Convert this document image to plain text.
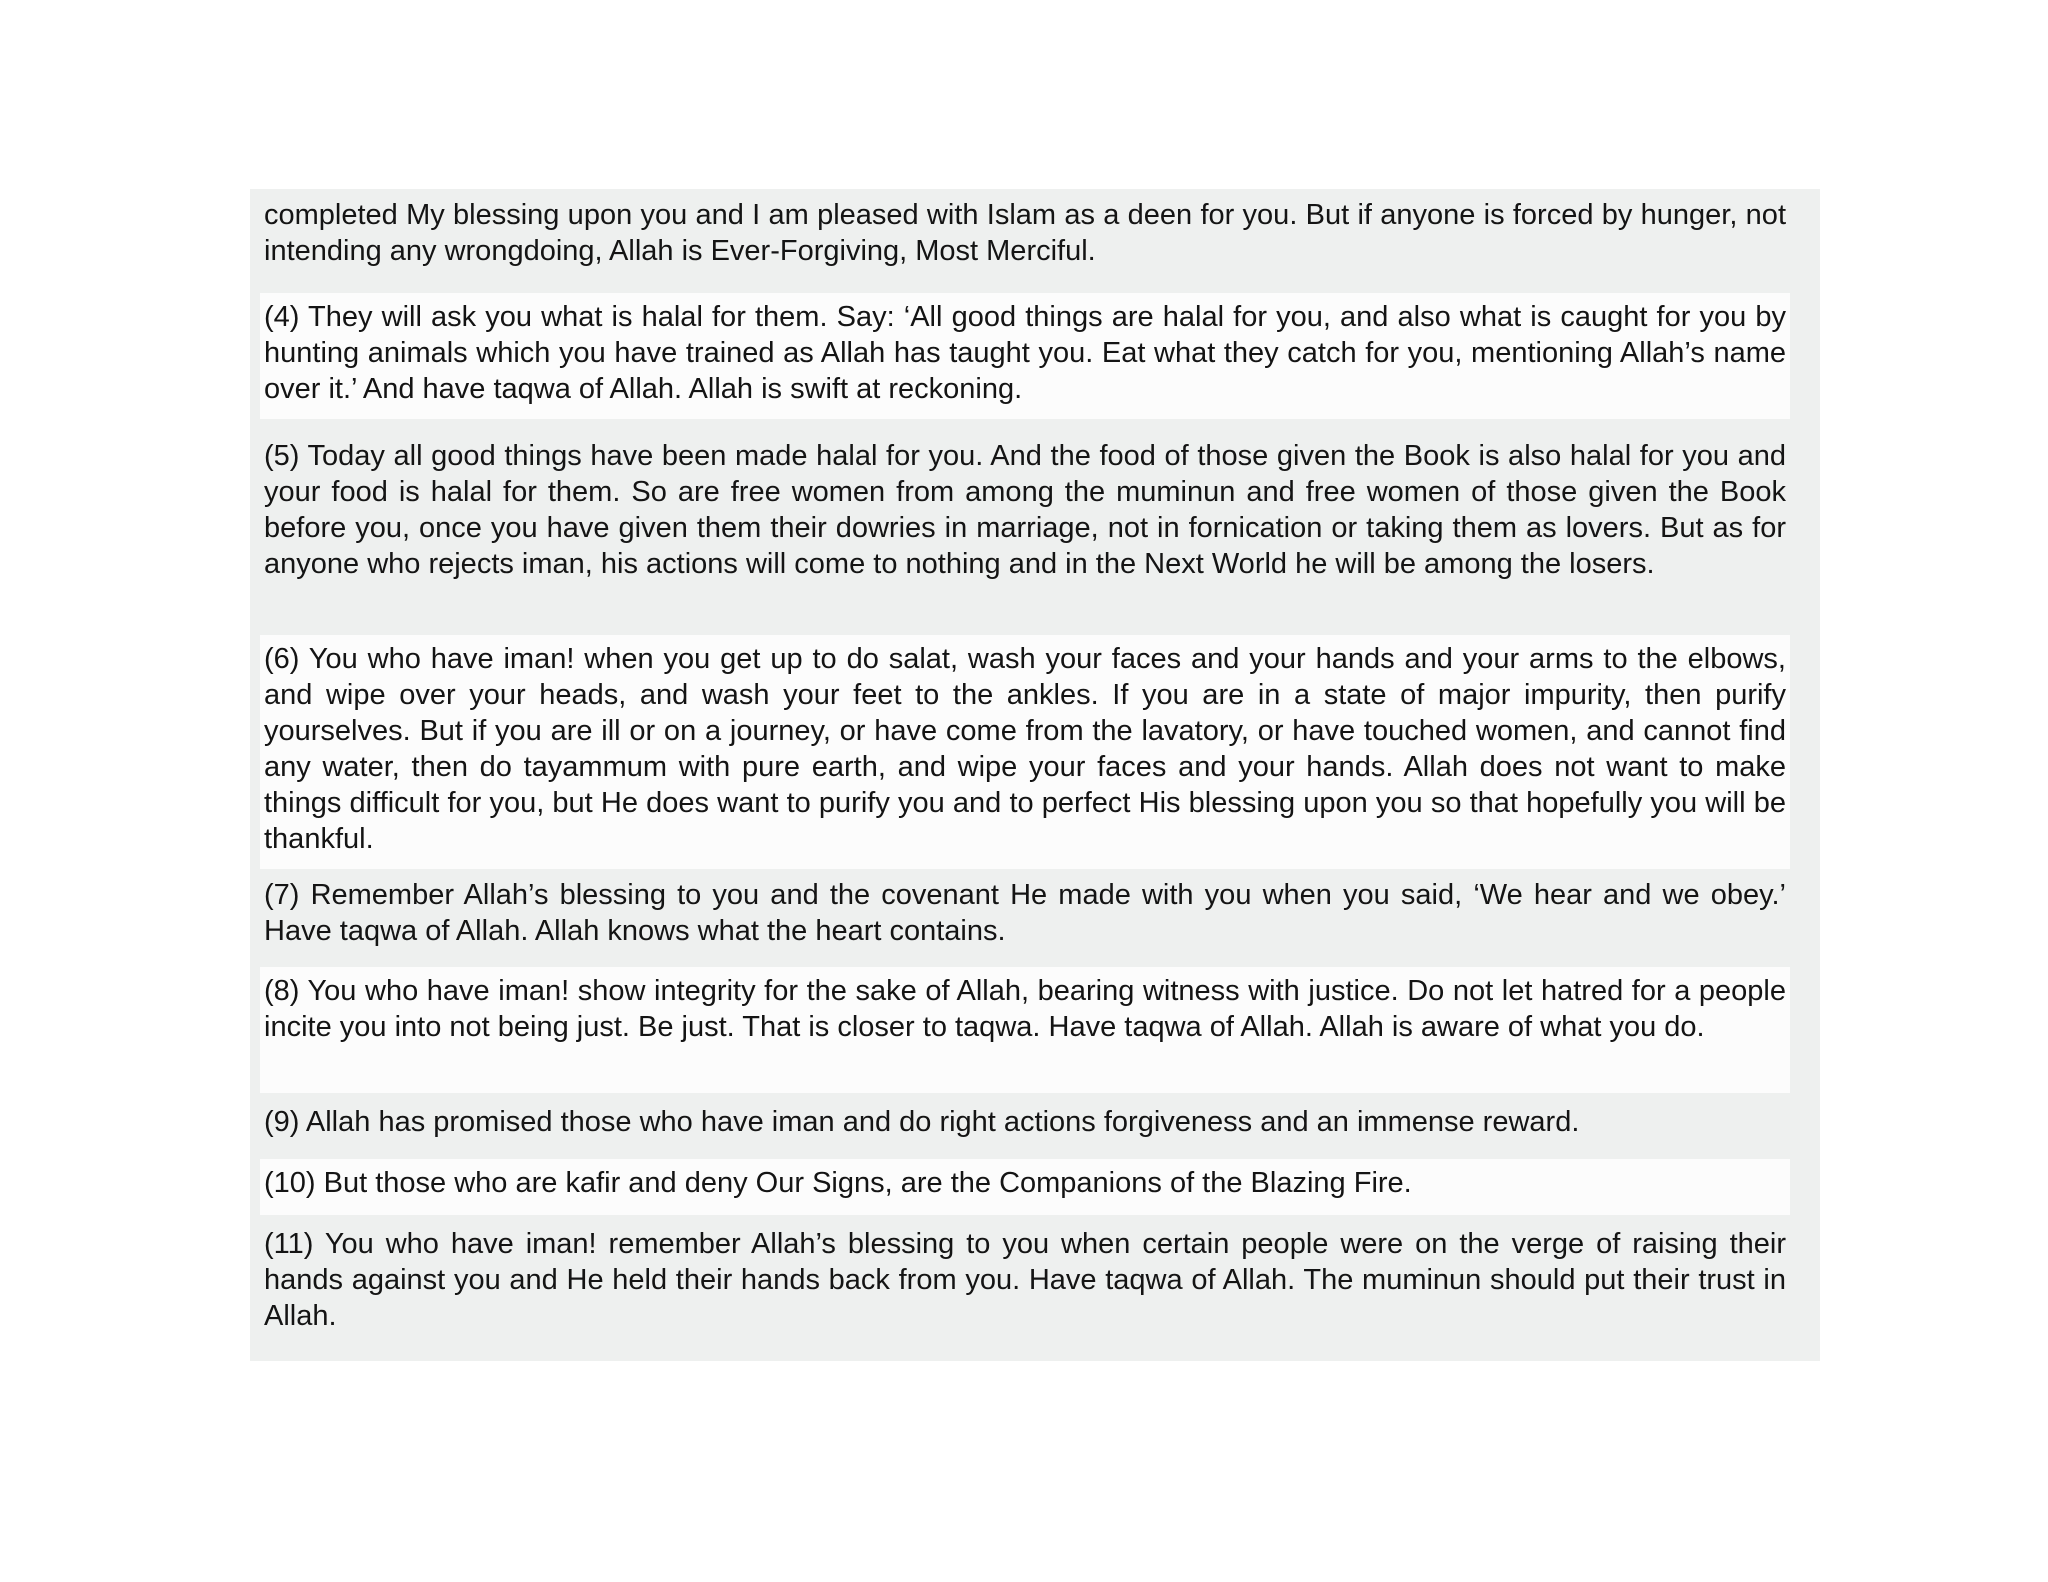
completed My blessing upon you and I am pleased with Islam as a deen for you. But if anyone is forced by hunger, not intending any wrongdoing, Allah is Ever-Forgiving, Most Merciful.
(4) They will ask you what is halal for them. Say: ‘All good things are halal for you, and also what is caught for you by hunting animals which you have trained as Allah has taught you. Eat what they catch for you, mentioning Allah’s name over it.’ And have taqwa of Allah. Allah is swift at reckoning.
(5) Today all good things have been made halal for you. And the food of those given the Book is also halal for you and your food is halal for them. So are free women from among the muminun and free women of those given the Book before you, once you have given them their dowries in marriage, not in fornication or taking them as lovers. But as for anyone who rejects iman, his actions will come to nothing and in the Next World he will be among the losers.
(6) You who have iman! when you get up to do salat, wash your faces and your hands and your arms to the elbows, and wipe over your heads, and wash your feet to the ankles. If you are in a state of major impurity, then purify yourselves. But if you are ill or on a journey, or have come from the lavatory, or have touched women, and cannot find any water, then do tayammum with pure earth, and wipe your faces and your hands. Allah does not want to make things difficult for you, but He does want to purify you and to perfect His blessing upon you so that hopefully you will be thankful.
(7) Remember Allah’s blessing to you and the covenant He made with you when you said, ‘We hear and we obey.’ Have taqwa of Allah. Allah knows what the heart contains.
(8) You who have iman! show integrity for the sake of Allah, bearing witness with justice. Do not let hatred for a people incite you into not being just. Be just. That is closer to taqwa. Have taqwa of Allah. Allah is aware of what you do.
(9) Allah has promised those who have iman and do right actions forgiveness and an immense reward.
(10) But those who are kafir and deny Our Signs, are the Companions of the Blazing Fire.
(11) You who have iman! remember Allah’s blessing to you when certain people were on the verge of raising their hands against you and He held their hands back from you. Have taqwa of Allah. The muminun should put their trust in Allah.
